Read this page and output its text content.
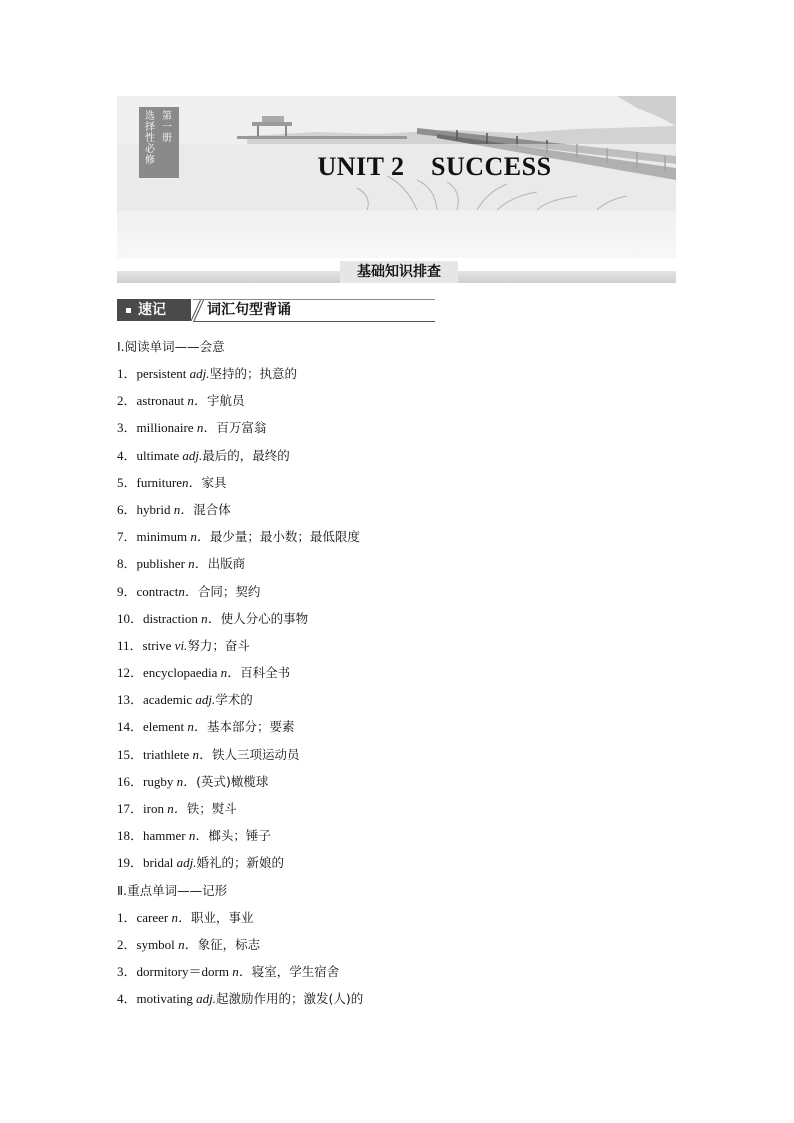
选择性必修
第一册
UNIT 2　SUCCESS
基础知识排查
速记	词汇句型背诵
Ⅰ.阅读单词——会意
1．persistent adj.坚持的；执意的
2．astronaut n．宇航员
3．millionaire n．百万富翁
4．ultimate adj.最后的，最终的
5．furnituren．家具
6．hybrid n．混合体
7．minimum n．最少量；最小数；最低限度
8．publisher n．出版商
9．contractn．合同；契约
10．distraction n．使人分心的事物
11．strive vi.努力；奋斗
12．encyclopaedia n．百科全书
13．academic adj.学术的
14．element n．基本部分；要素
15．triathlete n．铁人三项运动员
16．rugby n．(英式)橄榄球
17．iron n．铁；熨斗
18．hammer n．榔头；锤子
19．bridal adj.婚礼的；新娘的
Ⅱ.重点单词——记形
1．career n．职业，事业
2．symbol n．象征，标志
3．dormitory＝dorm n．寝室，学生宿舍
4．motivating adj.起激励作用的；激发(人)的
